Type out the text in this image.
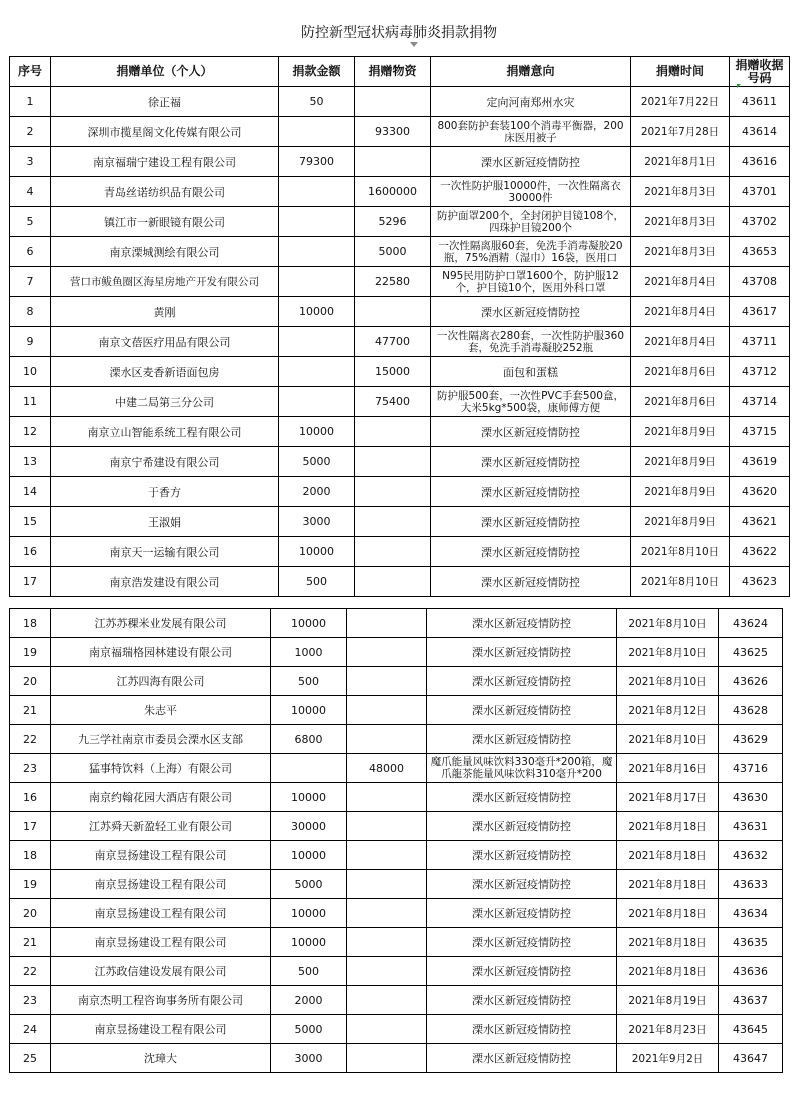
防控新型冠状病毒肺炎捐款捐物
序号	捐赠单位（个人）	捐款金额	捐赠物资	捐赠意向	捐赠时间	捐赠收据号码
1	徐正福	50		定向河南郑州水灾	2021年7月22日	43611
2	深圳市揽星阁文化传媒有限公司		93300	800套防护套装100个消毒平衡器，200床医用被子	2021年7月28日	43614
3	南京福瑞宁建设工程有限公司	79300		溧水区新冠疫情防控	2021年8月1日	43616
4	青岛丝诺纺织品有限公司		1600000	一次性防护服10000件，一次性隔离衣30000件	2021年8月3日	43701
5	镇江市一新眼镜有限公司		5296	防护面罩200个，全封闭护目镜108个，四珠护目镜200个	2021年8月3日	43702
6	南京溧城测绘有限公司		5000	一次性隔离服60套，免洗手消毒凝胶20瓶，75%酒精（湿巾）16袋，医用口	2021年8月3日	43653
7	营口市鲅鱼圈区海星房地产开发有限公司		22580	N95民用防护口罩1600个，防护服12个，护目镜10个，医用外科口罩	2021年8月4日	43708
8	黄刚	10000		溧水区新冠疫情防控	2021年8月4日	43617
9	南京文蓓医疗用品有限公司		47700	一次性隔离衣280套，一次性防护服360套，免洗手消毒凝胶252瓶	2021年8月4日	43711
10	溧水区麦香新语面包房		15000	面包和蛋糕	2021年8月6日	43712
11	中建二局第三分公司		75400	防护服500套，一次性PVC手套500盒，大米5kg*500袋，康师傅方便	2021年8月6日	43714
12	南京立山智能系统工程有限公司	10000		溧水区新冠疫情防控	2021年8月9日	43715
13	南京宁希建设有限公司	5000		溧水区新冠疫情防控	2021年8月9日	43619
14	于香方	2000		溧水区新冠疫情防控	2021年8月9日	43620
15	王淑娟	3000		溧水区新冠疫情防控	2021年8月9日	43621
16	南京天一运输有限公司	10000		溧水区新冠疫情防控	2021年8月10日	43622
17	南京浩发建设有限公司	500		溧水区新冠疫情防控	2021年8月10日	43623
18	江苏苏稞米业发展有限公司	10000		溧水区新冠疫情防控	2021年8月10日	43624
19	南京福瑞格园林建设有限公司	1000		溧水区新冠疫情防控	2021年8月10日	43625
20	江苏四海有限公司	500		溧水区新冠疫情防控	2021年8月10日	43626
21	朱志平	10000		溧水区新冠疫情防控	2021年8月12日	43628
22	九三学社南京市委员会溧水区支部	6800		溧水区新冠疫情防控	2021年8月10日	43629
23	猛事特饮料（上海）有限公司		48000	魔爪能量风味饮料330毫升*200箱，魔爪龍茶能量风味饮料310毫升*200	2021年8月16日	43716
16	南京约翰花园大酒店有限公司	10000		溧水区新冠疫情防控	2021年8月17日	43630
17	江苏舜天新盈轻工业有限公司	30000		溧水区新冠疫情防控	2021年8月18日	43631
18	南京昱扬建设工程有限公司	10000		溧水区新冠疫情防控	2021年8月18日	43632
19	南京昱扬建设工程有限公司	5000		溧水区新冠疫情防控	2021年8月18日	43633
20	南京昱扬建设工程有限公司	10000		溧水区新冠疫情防控	2021年8月18日	43634
21	南京昱扬建设工程有限公司	10000		溧水区新冠疫情防控	2021年8月18日	43635
22	江苏政信建设发展有限公司	500		溧水区新冠疫情防控	2021年8月18日	43636
23	南京杰明工程咨询事务所有限公司	2000		溧水区新冠疫情防控	2021年8月19日	43637
24	南京昱扬建设工程有限公司	5000		溧水区新冠疫情防控	2021年8月23日	43645
25	沈璋大	3000		溧水区新冠疫情防控	2021年9月2日	43647
